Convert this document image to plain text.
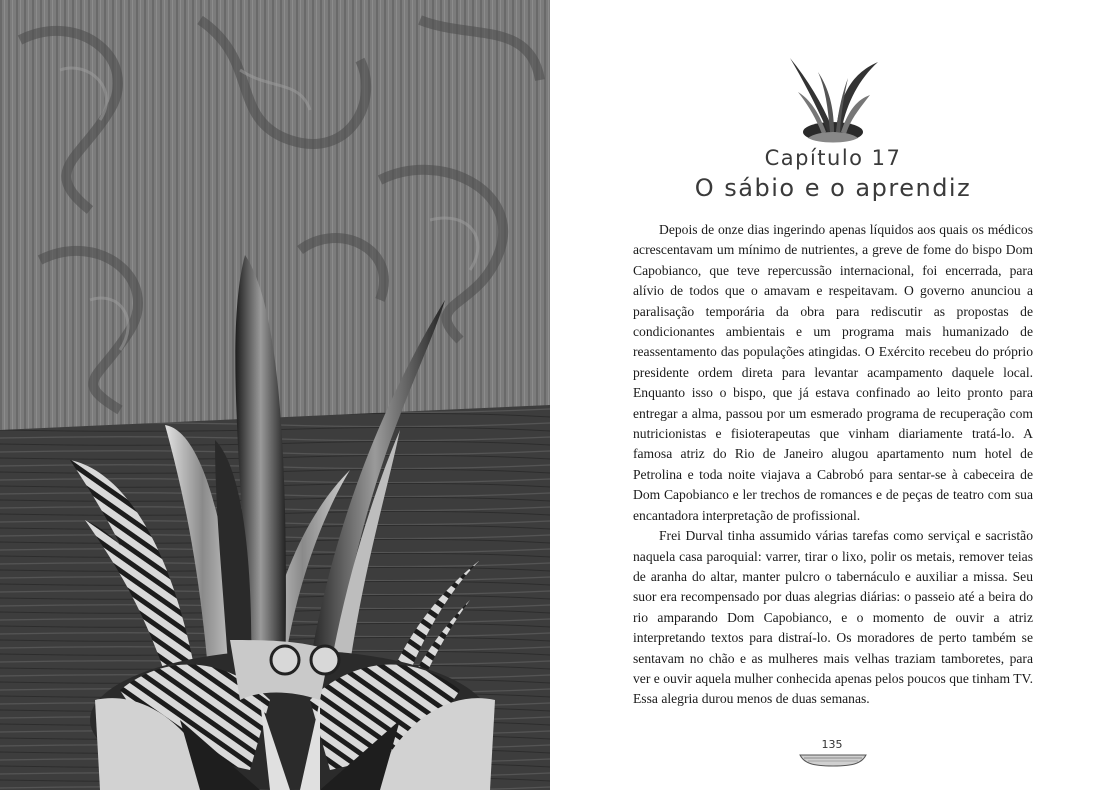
Capítulo 17
O sábio e o aprendiz

Depois de onze dias ingerindo apenas líquidos aos quais os médicos acrescentavam um mínimo de nutrientes, a greve de fome do bispo Dom Capobianco, que teve repercussão internacional, foi encerrada, para alívio de todos que o amavam e respeitavam. O governo anunciou a paralisação temporária da obra para rediscutir as propostas de condicionantes ambientais e um programa mais humanizado de reassentamento das populações atingidas. O Exército recebeu do próprio presidente ordem direta para levantar acampamento daquele local. Enquanto isso o bispo, que já estava confinado ao leito pronto para entregar a alma, passou por um esmerado programa de recuperação com nutricionistas e fisioterapeutas que vinham diariamente tratá-lo. A famosa atriz do Rio de Janeiro alugou apartamento num hotel de Petrolina e toda noite viajava a Cabrobó para sentar-se à cabeceira de Dom Capobianco e ler trechos de romances e de peças de teatro com sua encantadora interpretação de profissional.

Frei Durval tinha assumido várias tarefas como serviçal e sacristão naquela casa paroquial: varrer, tirar o lixo, polir os metais, remover teias de aranha do altar, manter pulcro o tabernáculo e auxiliar a missa. Seu suor era recompensado por duas alegrias diárias: o passeio até a beira do rio amparando Dom Capobianco, e o momento de ouvir a atriz interpretando textos para distraí-lo. Os moradores de perto também se sentavam no chão e as mulheres mais velhas traziam tamboretes, para ver e ouvir aquela mulher conhecida apenas pelos poucos que tinham TV. Essa alegria durou menos de duas semanas.

135
